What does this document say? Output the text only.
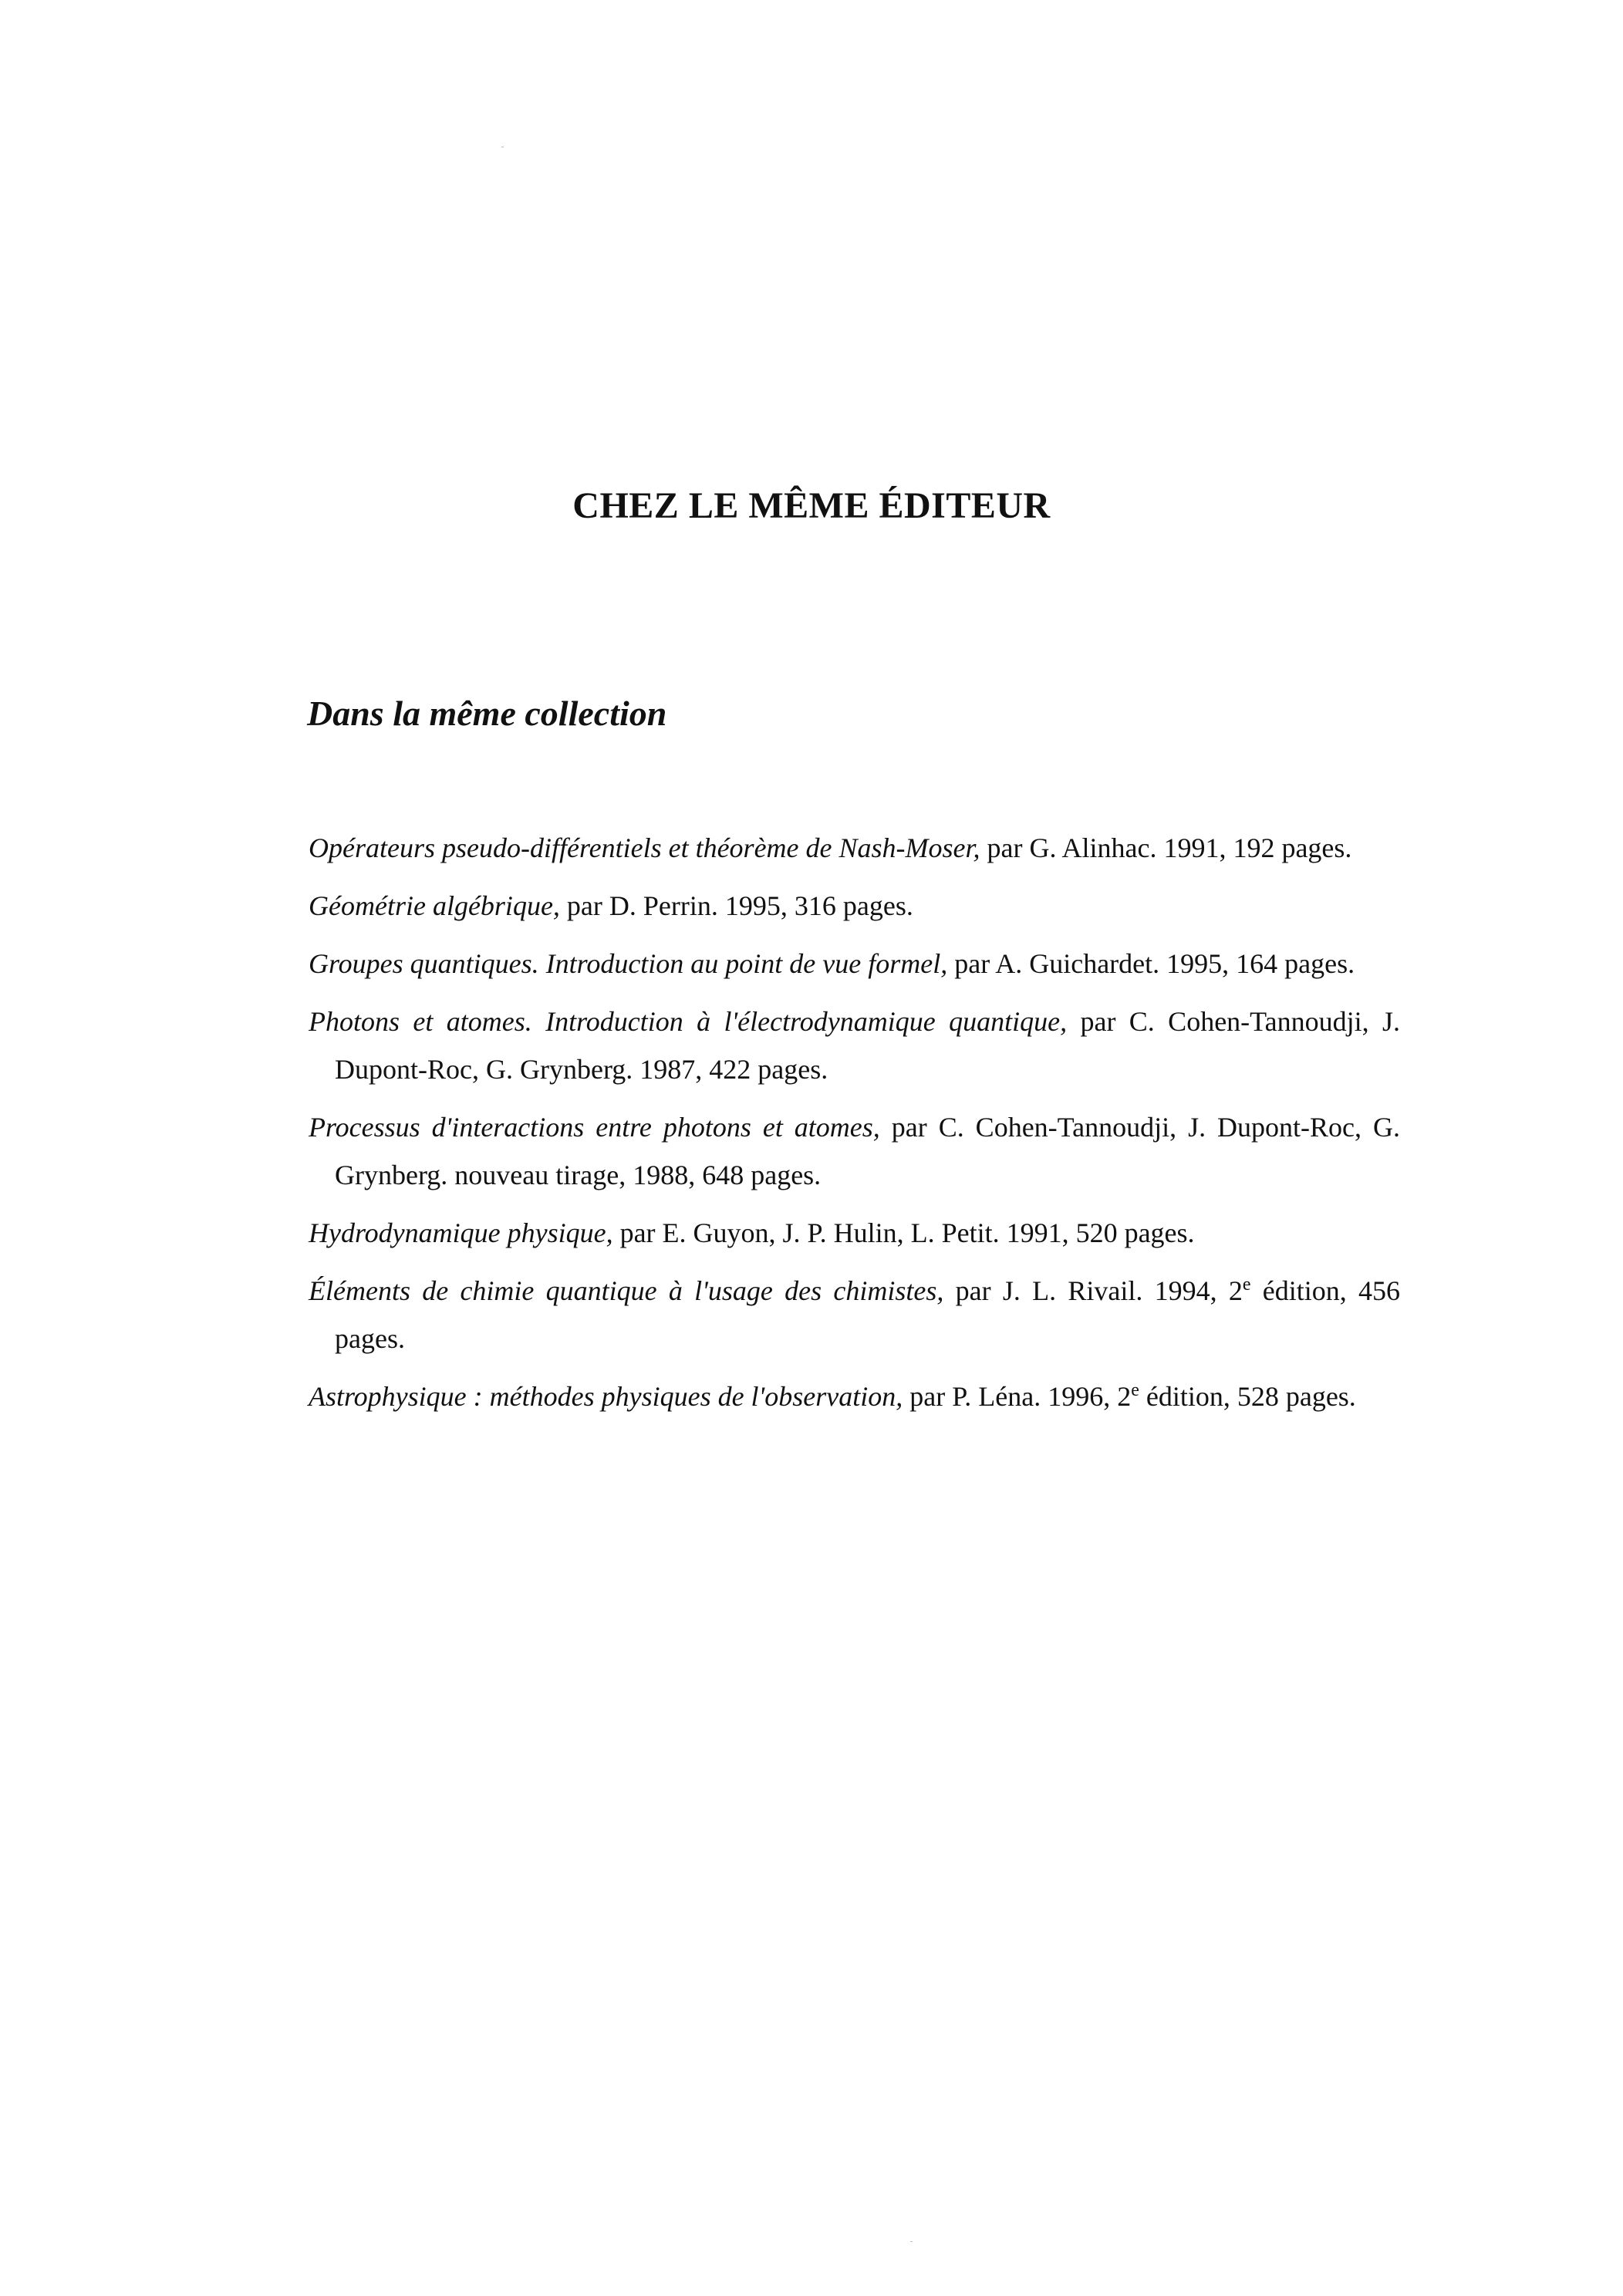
CHEZ LE MÊME ÉDITEUR
Dans la même collection
Opérateurs pseudo-différentiels et théorème de Nash-Moser, par G. Alinhac. 1991, 192 pages.
Géométrie algébrique, par D. Perrin. 1995, 316 pages.
Groupes quantiques. Introduction au point de vue formel, par A. Guichardet. 1995, 164 pages.
Photons et atomes. Introduction à l'électrodynamique quantique, par C. Cohen-Tannoudji, J. Dupont-Roc, G. Grynberg. 1987, 422 pages.
Processus d'interactions entre photons et atomes, par C. Cohen-Tannoudji, J. Dupont-Roc, G. Grynberg. nouveau tirage, 1988, 648 pages.
Hydrodynamique physique, par E. Guyon, J. P. Hulin, L. Petit. 1991, 520 pages.
Éléments de chimie quantique à l'usage des chimistes, par J. L. Rivail. 1994, 2e édition, 456 pages.
Astrophysique : méthodes physiques de l'observation, par P. Léna. 1996, 2e édition, 528 pages.
